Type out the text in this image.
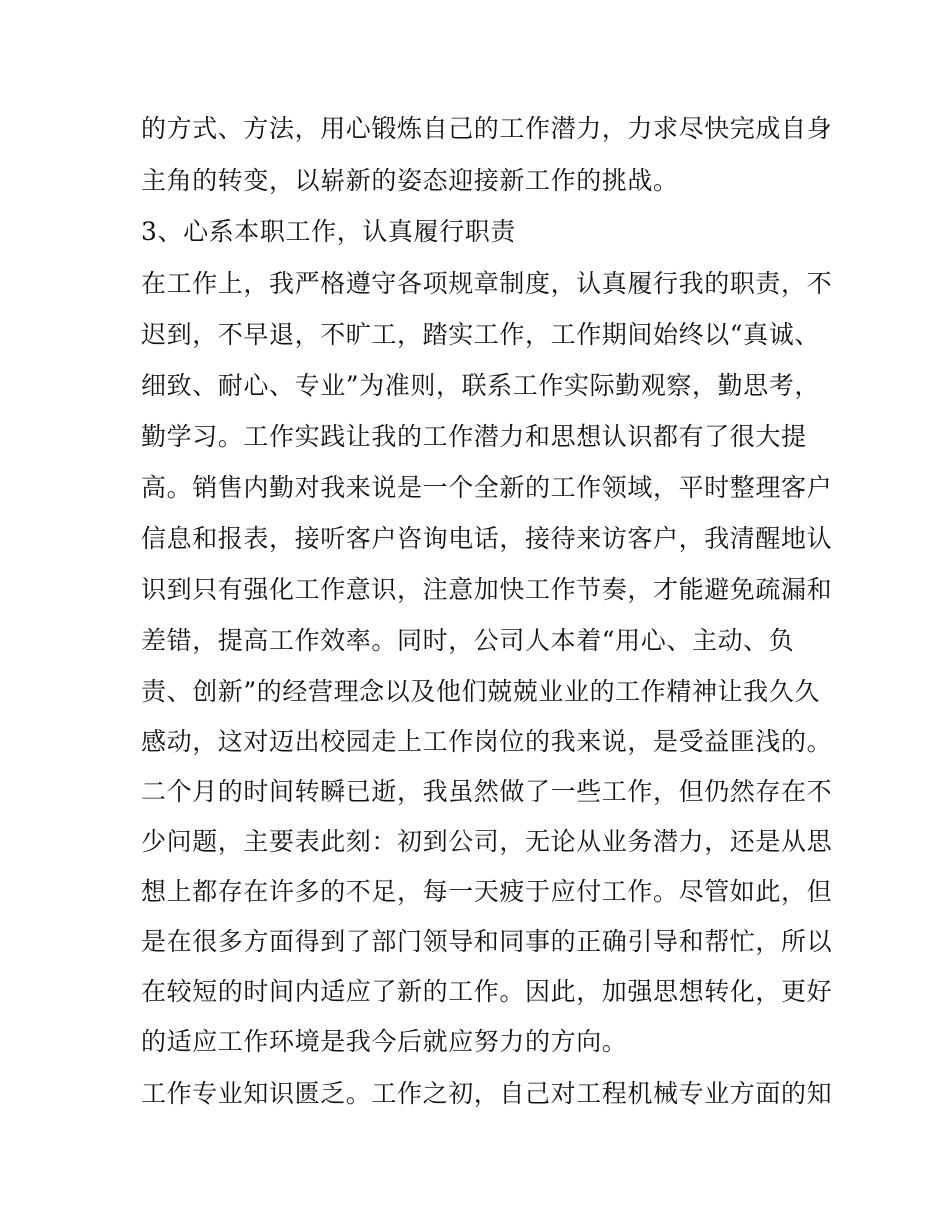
的方式、方法，用心锻炼自己的工作潜力，力求尽快完成自身
主角的转变，以崭新的姿态迎接新工作的挑战。
3、心系本职工作，认真履行职责
在工作上，我严格遵守各项规章制度，认真履行我的职责，不
迟到，不早退，不旷工，踏实工作，工作期间始终以“真诚、
细致、耐心、专业”为准则，联系工作实际勤观察，勤思考，
勤学习。工作实践让我的工作潜力和思想认识都有了很大提
高。销售内勤对我来说是一个全新的工作领域，平时整理客户
信息和报表，接听客户咨询电话，接待来访客户，我清醒地认
识到只有强化工作意识，注意加快工作节奏，才能避免疏漏和
差错，提高工作效率。同时，公司人本着“用心、主动、负
责、创新”的经营理念以及他们兢兢业业的工作精神让我久久
感动，这对迈出校园走上工作岗位的我来说，是受益匪浅的。
二个月的时间转瞬已逝，我虽然做了一些工作，但仍然存在不
少问题，主要表此刻：初到公司，无论从业务潜力，还是从思
想上都存在许多的不足，每一天疲于应付工作。尽管如此，但
是在很多方面得到了部门领导和同事的正确引导和帮忙，所以
在较短的时间内适应了新的工作。因此，加强思想转化，更好
的适应工作环境是我今后就应努力的方向。
工作专业知识匮乏。工作之初，自己对工程机械专业方面的知
